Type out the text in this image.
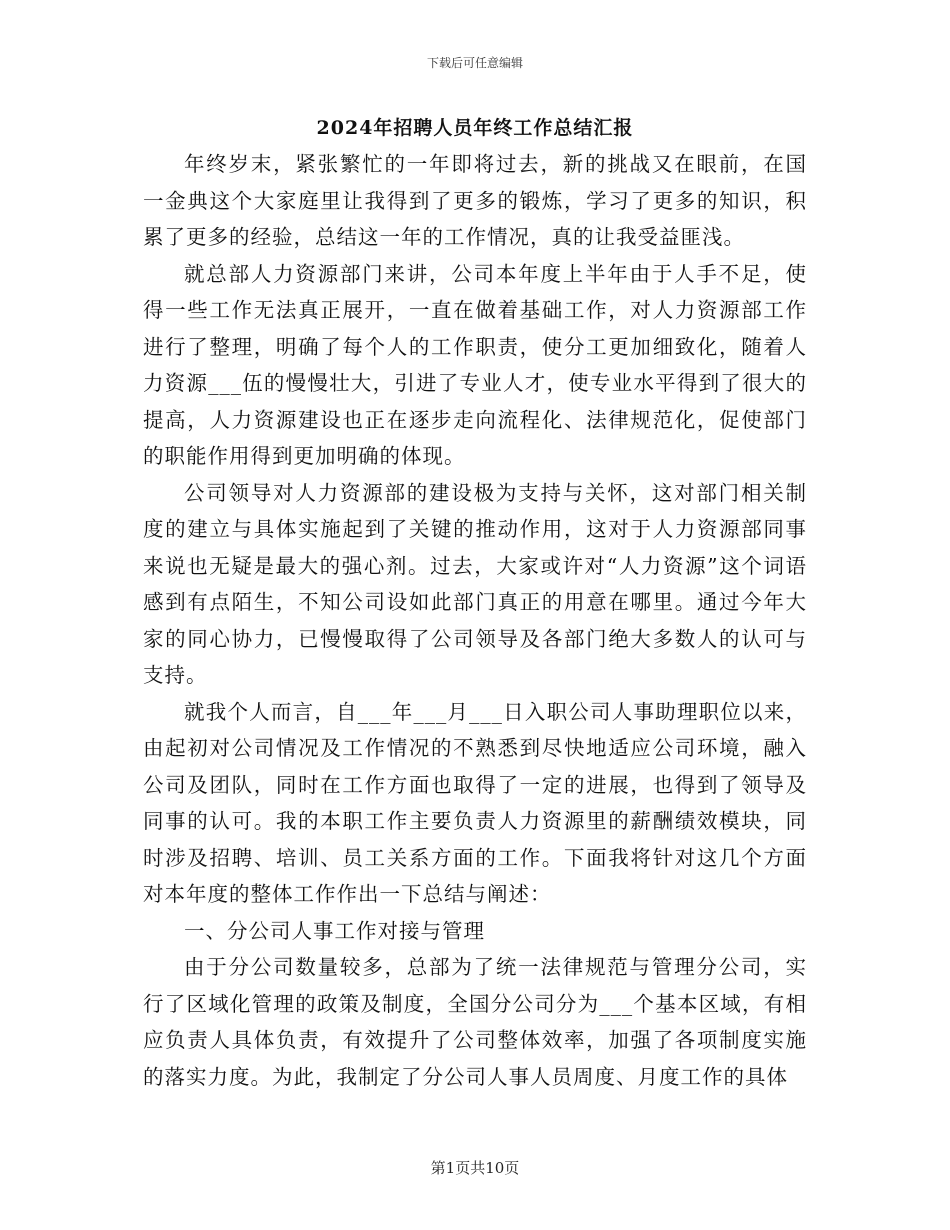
下载后可任意编辑
2024年招聘人员年终工作总结汇报

年终岁末，紧张繁忙的一年即将过去，新的挑战又在眼前，在国一金典这个大家庭里让我得到了更多的锻炼，学习了更多的知识，积累了更多的经验，总结这一年的工作情况，真的让我受益匪浅。

就总部人力资源部门来讲，公司本年度上半年由于人手不足，使得一些工作无法真正展开，一直在做着基础工作，对人力资源部工作进行了整理，明确了每个人的工作职责，使分工更加细致化，随着人力资源___伍的慢慢壮大，引进了专业人才，使专业水平得到了很大的提高，人力资源建设也正在逐步走向流程化、法律规范化，促使部门的职能作用得到更加明确的体现。

公司领导对人力资源部的建设极为支持与关怀，这对部门相关制度的建立与具体实施起到了关键的推动作用，这对于人力资源部同事来说也无疑是最大的强心剂。过去，大家或许对“人力资源”这个词语感到有点陌生，不知公司设如此部门真正的用意在哪里。通过今年大家的同心协力，已慢慢取得了公司领导及各部门绝大多数人的认可与支持。

就我个人而言，自___年___月___日入职公司人事助理职位以来，由起初对公司情况及工作情况的不熟悉到尽快地适应公司环境，融入公司及团队，同时在工作方面也取得了一定的进展，也得到了领导及同事的认可。我的本职工作主要负责人力资源里的薪酬绩效模块，同时涉及招聘、培训、员工关系方面的工作。下面我将针对这几个方面对本年度的整体工作作出一下总结与阐述：

一、分公司人事工作对接与管理

由于分公司数量较多，总部为了统一法律规范与管理分公司，实行了区域化管理的政策及制度，全国分公司分为___个基本区域，有相应负责人具体负责，有效提升了公司整体效率，加强了各项制度实施的落实力度。为此，我制定了分公司人事人员周度、月度工作的具体

第1页共10页
